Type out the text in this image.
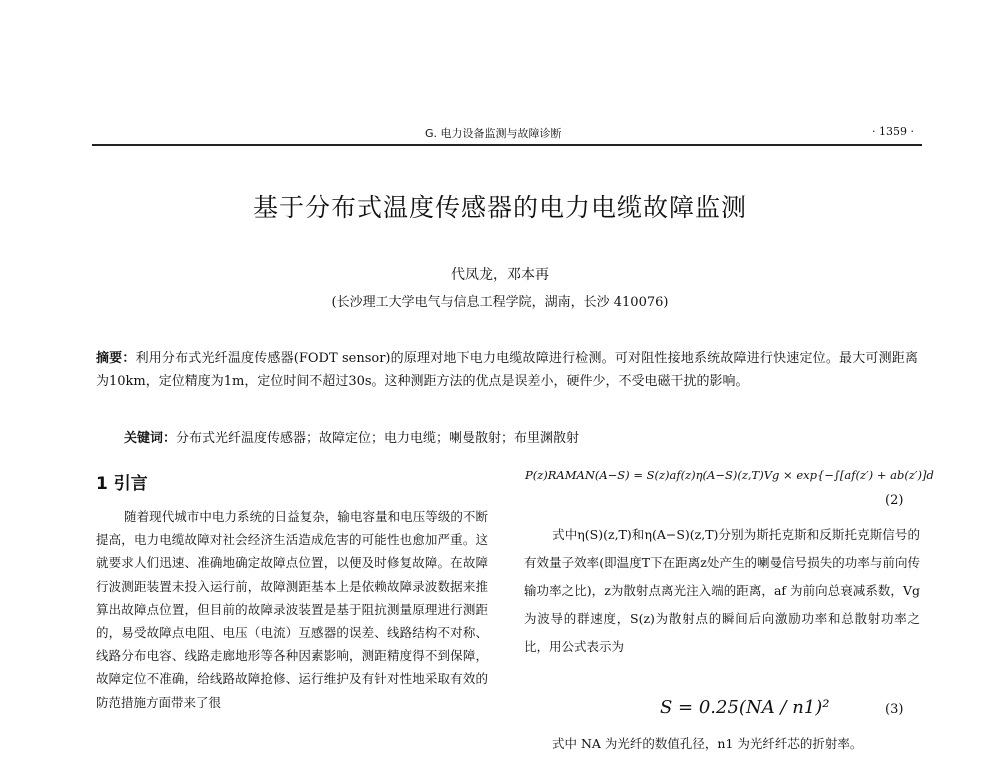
G. 电力设备监测与故障诊断	· 1359 ·
基于分布式温度传感器的电力电缆故障监测
代凤龙，邓本再
(长沙理工大学电气与信息工程学院，湖南，长沙 410076)
摘要：利用分布式光纤温度传感器(FODT sensor)的原理对地下电力电缆故障进行检测。可对阻性接地系统故障进行快速定位。最大可测距离为10km，定位精度为1m，定位时间不超过30s。这种测距方法的优点是误差小，硬件少，不受电磁干扰的影响。
关键词：分布式光纤温度传感器；故障定位；电力电缆；喇曼散射；布里渊散射
1 引言
随着现代城市中电力系统的日益复杂，输电容量和电压等级的不断提高，电力电缆故障对社会经济生活造成危害的可能性也愈加严重。这就要求人们迅速、准确地确定故障点位置，以便及时修复故障。在故障行波测距装置未投入运行前，故障测距基本上是依赖故障录波数据来推算出故障点位置，但目前的故障录波装置是基于阻抗测量原理进行测距的，易受故障点电阻、电压（电流）互感器的误差、线路结构不对称、线路分布电容、线路走廊地形等各种因素影响，测距精度得不到保障，故障定位不准确，给线路故障抢修、运行维护及有针对性地采取有效的防范措施方面带来了很
P(z)RAMAN(A−S) = S(z)af(z)η(A−S)(z,T)Vg × exp{−∫[af(z′) + ab(z′)]d
(2)
式中η(S)(z,T)和η(A−S)(z,T)分别为斯托克斯和反斯托克斯信号的有效量子效率(即温度T下在距离z处产生的喇曼信号损失的功率与前向传输功率之比)，z为散射点离光注入端的距离，af 为前向总衰减系数，Vg 为波导的群速度，S(z)为散射点的瞬间后向激励功率和总散射功率之比，用公式表示为
S = 0.25(NA / n1)²	(3)
式中 NA 为光纤的数值孔径，n1 为光纤纤芯的折射率。
